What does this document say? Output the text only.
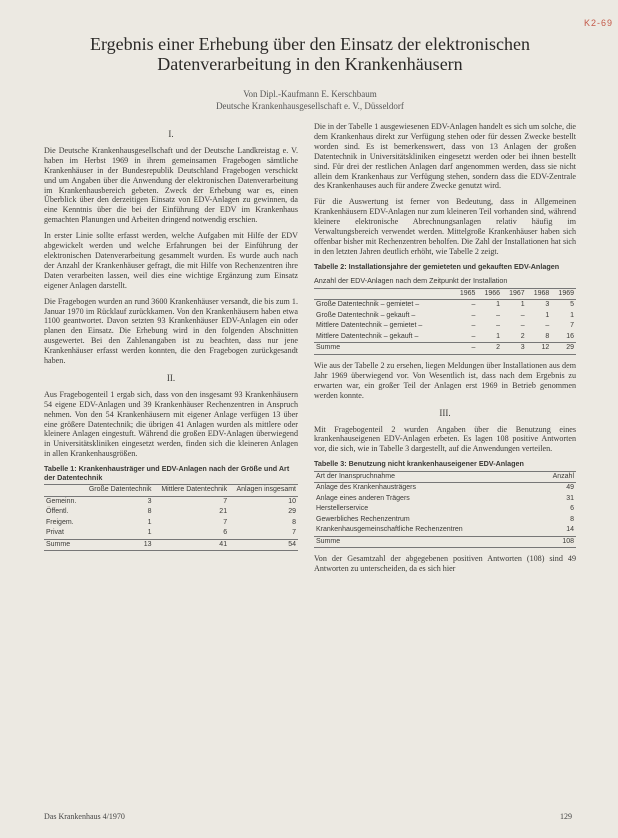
K2-69
Ergebnis einer Erhebung über den Einsatz der elektronischen
Datenverarbeitung in den Krankenhäusern
Von Dipl.-Kaufmann E. Kerschbaum
Deutsche Krankenhausgesellschaft e. V., Düsseldorf
I.

Die Deutsche Krankenhausgesellschaft und der Deutsche Landkreistag e. V. haben im Herbst 1969 in ihrem gemeinsamen Fragebogen sämtliche Krankenhäuser in der Bundesrepublik Deutschland Fragebogen verschickt und um Angaben über die Anwendung der elektronischen Datenverarbeitung im Krankenhausbereich gebeten. Zweck der Erhebung war es, einen Überblick über den derzeitigen Einsatz von EDV-Anlagen zu gewinnen, da eine Kenntnis über die bei der Einführung der EDV im Krankenhaus gemachten Planungen und Arbeiten dringend notwendig erschien.

In erster Linie sollte erfasst werden, welche Aufgaben mit Hilfe der EDV abgewickelt werden und welche Erfahrungen bei der Einführung der elektronischen Datenverarbeitung gesammelt wurden. Es wurde auch nach der Anzahl der Krankenhäuser gefragt, die mit Hilfe von Rechenzentren ihre Daten verarbeiten lassen, weil dies eine wichtige Ergänzung zum Einsatz eigener Anlagen darstellt.

Die Fragebogen wurden an rund 3600 Krankenhäuser versandt, die bis zum 1. Januar 1970 im Rücklauf zurückkamen. Von den Krankenhäusern haben etwa 1100 geantwortet. Davon setzten 93 Krankenhäuser EDV-Anlagen ein oder planen den Einsatz. Die Erhebung wird in den folgenden Abschnitten ausgewertet. Bei den Zahlenangaben ist zu beachten, dass nur jene Krankenhäuser erfasst werden konnten, die den Fragebogen zurückgesandt haben.

II.

Aus Fragebogenteil 1 ergab sich, dass von den insgesamt 93 Krankenhäusern 54 eigene EDV-Anlagen und 39 Krankenhäuser Rechenzentren in Anspruch nehmen. Von den 54 Krankenhäusern mit eigener Anlage verfügen 13 über eine größere Datentechnik; die übrigen 41 Anlagen wurden als mittlere oder kleinere Anlagen eingestuft. Während die großen EDV-Anlagen überwiegend in Universitätskliniken eingesetzt werden, finden sich die kleineren Anlagen in allen Krankenhausgrößen.

Tabelle 1: Krankenhausträger und EDV-Anlagen nach der Größe und Art der Datentechnik
	Große Datentechnik	Mittlere Datentechnik	Anlagen insgesamt
Gemeinn.	3	7	10
Öffentl.	8	21	29
Freigem.	1	7	8
Privat	1	6	7
Summe	13	41	54

Die in der Tabelle 1 ausgewiesenen EDV-Anlagen handelt es sich um solche, die dem Krankenhaus direkt zur Verfügung stehen oder für dessen Zwecke bestellt worden sind. Es ist bemerkenswert, dass von 13 Anlagen der großen Datentechnik in Universitätskliniken eingesetzt werden oder bei ihnen bestellt sind. Für drei der restlichen Anlagen darf angenommen werden, dass sie nicht allein dem Krankenhaus zur Verfügung stehen, sondern dass die EDV-Zentrale des Krankenhauses auch für andere Zwecke genutzt wird.

Für die Auswertung ist ferner von Bedeutung, dass in Allgemeinen Krankenhäusern EDV-Anlagen nur zum kleineren Teil vorhanden sind, während kleinere elektronische Abrechnungsanlagen relativ häufig im Verwaltungsbereich verwendet werden. Mittelgroße Krankenhäuser haben sich offenbar bisher mit Rechenzentren beholfen. Die Zahl der Installationen hat sich in den letzten Jahren deutlich erhöht, wie Tabelle 2 zeigt.

Tabelle 2: Installationsjahre der gemieteten und gekauften EDV-Anlagen
Anzahl der EDV-Anlagen nach dem Zeitpunkt der Installation
	1965	1966	1967	1968	1969
Große Datentechnik – gemietet –	–	1	1	3	5
Große Datentechnik – gekauft –	–	–	–	1	1
Mittlere Datentechnik – gemietet –	–	–	–	–	7
Mittlere Datentechnik – gekauft –	–	1	2	8	16
Summe	–	2	3	12	29

Wie aus der Tabelle 2 zu ersehen, liegen Meldungen über Installationen aus dem Jahr 1969 überwiegend vor. Von Wesentlich ist, dass nach dem Ergebnis zu erwarten war, ein großer Teil der Anlagen erst 1969 in Betrieb genommen werden konnte.

III.

Mit Fragebogenteil 2 wurden Angaben über die Benutzung eines krankenhauseigenen EDV-Anlagen erbeten. Es lagen 108 positive Antworten vor, die sich, wie in Tabelle 3 dargestellt, auf die Anwendungen verteilen.

Tabelle 3: Benutzung nicht krankenhauseigener EDV-Anlagen
Art der Inanspruchnahme	Anzahl
Anlage des Krankenhausträgers	49
Anlage eines anderen Trägers	31
Herstellerservice	6
Gewerbliches Rechenzentrum	8
Krankenhausgemeinschaftliche Rechenzentren	14
Summe	108

Von der Gesamtzahl der abgegebenen positiven Antworten (108) sind 49 Antworten zu unterscheiden, da es sich hier

Das Krankenhaus 4/1970	129
